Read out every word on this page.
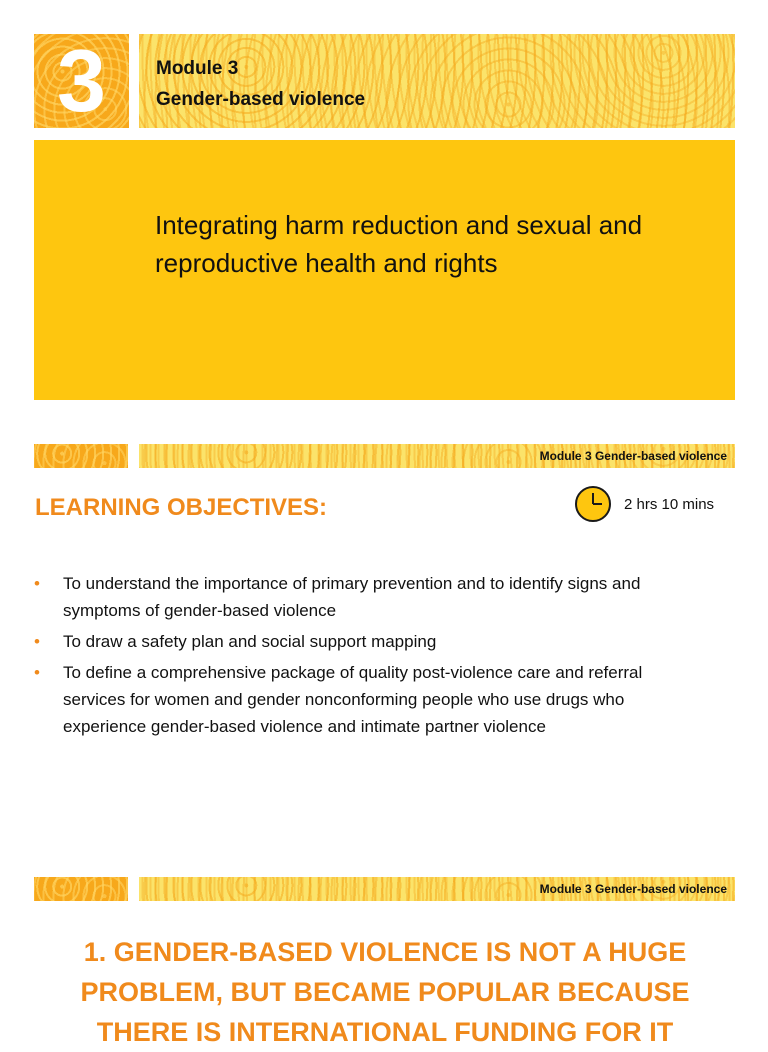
3	Module 3
Gender-based violence
Integrating harm reduction and sexual and reproductive health and rights
Module 3 Gender-based violence
LEARNING OBJECTIVES:	2 hrs 10 mins
• To understand the importance of primary prevention and to identify signs and symptoms of gender-based violence
• To draw a safety plan and social support mapping
• To define a comprehensive package of quality post-violence care and referral services for women and gender nonconforming people who use drugs who experience gender-based violence and intimate partner violence
Module 3 Gender-based violence
1. GENDER-BASED VIOLENCE IS NOT A HUGE PROBLEM, BUT BECAME POPULAR BECAUSE THERE IS INTERNATIONAL FUNDING FOR IT
